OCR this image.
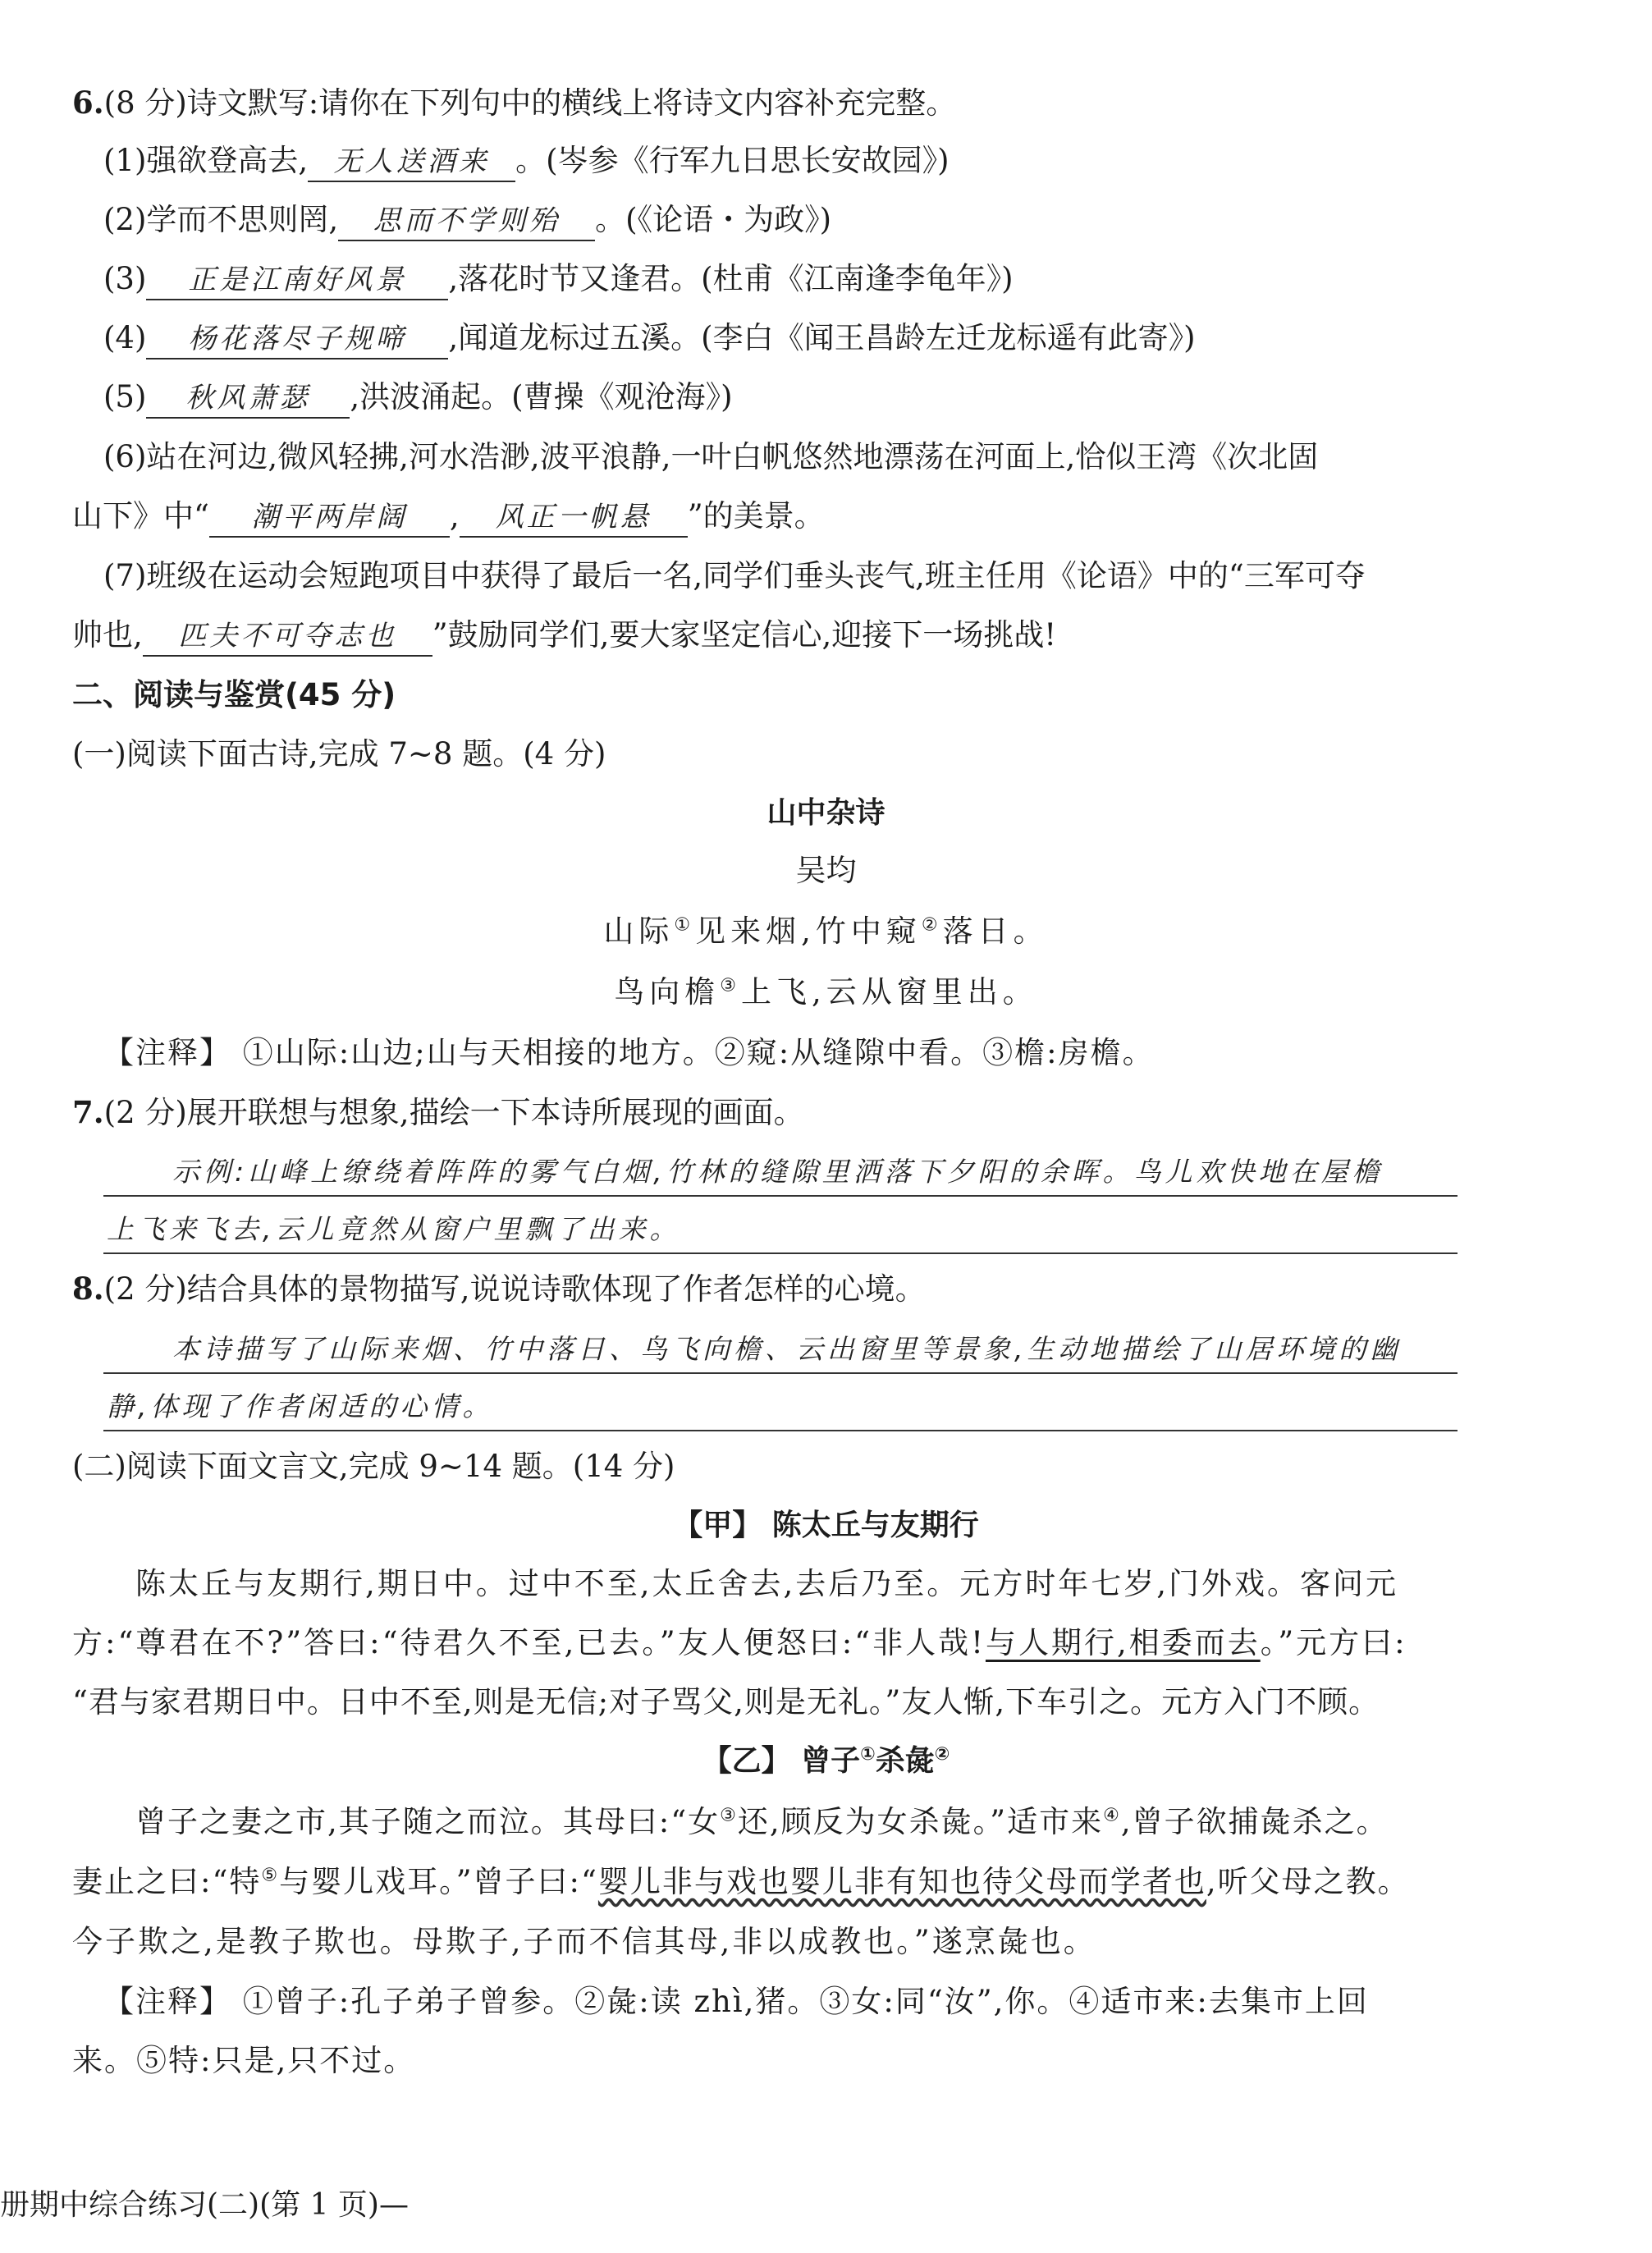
6.(8 分)诗文默写:请你在下列句中的横线上将诗文内容补充完整。
(1)强欲登高去, 无人送酒来 。(岑参《行军九日思长安故园》)
(2)学而不思则罔, 思而不学则殆 。(《论语・为政》)
(3) 正是江南好风景 ,落花时节又逢君。(杜甫《江南逢李龟年》)
(4) 杨花落尽子规啼 ,闻道龙标过五溪。(李白《闻王昌龄左迁龙标遥有此寄》)
(5) 秋风萧瑟 ,洪波涌起。(曹操《观沧海》)
(6)站在河边,微风轻拂,河水浩渺,波平浪静,一叶白帆悠然地漂荡在河面上,恰似王湾《次北固
山下》中“ 潮平两岸阔 , 风正一帆悬 ”的美景。
(7)班级在运动会短跑项目中获得了最后一名,同学们垂头丧气,班主任用《论语》中的“三军可夺
帅也, 匹夫不可夺志也 ”鼓励同学们,要大家坚定信心,迎接下一场挑战!
二、阅读与鉴赏(45 分)
(一)阅读下面古诗,完成 7~8 题。(4 分)
山中杂诗
吴均
山际①见来烟,竹中窥②落日。
鸟向檐③上飞,云从窗里出。
【注释】 ①山际:山边;山与天相接的地方。②窥:从缝隙中看。③檐:房檐。
7.(2 分)展开联想与想象,描绘一下本诗所展现的画面。
示例:山峰上缭绕着阵阵的雾气白烟,竹林的缝隙里洒落下夕阳的余晖。鸟儿欢快地在屋檐
上飞来飞去,云儿竟然从窗户里飘了出来。
8.(2 分)结合具体的景物描写,说说诗歌体现了作者怎样的心境。
本诗描写了山际来烟、竹中落日、鸟飞向檐、云出窗里等景象,生动地描绘了山居环境的幽
静,体现了作者闲适的心情。
(二)阅读下面文言文,完成 9~14 题。(14 分)
【甲】 陈太丘与友期行
陈太丘与友期行,期日中。过中不至,太丘舍去,去后乃至。元方时年七岁,门外戏。客问元
方:“尊君在不?”答曰:“待君久不至,已去。”友人便怒曰:“非人哉!与人期行,相委而去。”元方曰:
“君与家君期日中。日中不至,则是无信;对子骂父,则是无礼。”友人惭,下车引之。元方入门不顾。
【乙】 曾子①杀彘②
曾子之妻之市,其子随之而泣。其母曰:“女③还,顾反为女杀彘。”适市来④,曾子欲捕彘杀之。
妻止之曰:“特⑤与婴儿戏耳。”曾子曰:“婴儿非与戏也婴儿非有知也待父母而学者也,听父母之教。
今子欺之,是教子欺也。母欺子,子而不信其母,非以成教也。”遂烹彘也。
【注释】 ①曾子:孔子弟子曾参。②彘:读 zhì,猪。③女:同“汝”,你。④适市来:去集市上回
来。⑤特:只是,只不过。
册期中综合练习(二)(第 1 页)—
